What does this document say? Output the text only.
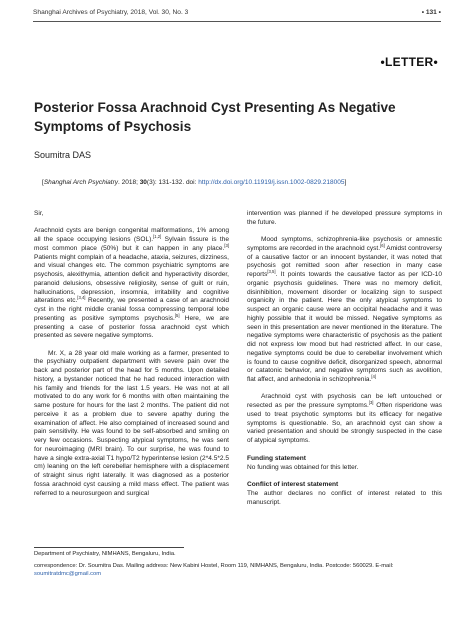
Shanghai Archives of Psychiatry, 2018, Vol. 30, No. 3	• 131 •
•LETTER•
Posterior Fossa Arachnoid Cyst Presenting As Negative Symptoms of Psychosis
Soumitra DAS
[Shanghai Arch Psychiatry. 2018; 30(3): 131-132. doi: http://dx.doi.org/10.11919/j.issn.1002-0829.218005]

Sir,

Arachnoid cysts are benign congenital malformations, 1% among all the space occupying lesions (SOL).[1,2] Sylvain fissure is the most common place (50%) but it can happen in any place.[3] Patients might complain of a headache, ataxia, seizures, dizziness, and visual changes etc. The common psychiatric symptoms are psychosis, alexithymia, attention deficit and hyperactivity disorder, paranoid delusions, obsessive religiosity, sense of guilt or ruin, hallucinations, depression, insomnia, irritability and cognitive alterations etc.[3,4] Recently, we presented a case of an arachnoid cyst in the right middle cranial fossa compressing temporal lobe presenting as positive symptoms psychosis.[5] Here, we are presenting a case of posterior fossa arachnoid cyst which presented as severe negative symptoms.

Mr. X, a 28 year old male working as a farmer, presented to the psychiatry outpatient department with severe pain over the back and posterior part of the head for 5 months. Upon detailed history, a bystander noticed that he had reduced interaction with his family and friends for the last 1.5 years. He was not at all motivated to do any work for 6 months with often maintaining the same posture for hours for the last 2 months. The patient did not perceive it as a problem due to severe apathy during the examination of affect. He also complained of increased sound and pain sensitivity. He was found to be self-absorbed and smiling on very few occasions. Suspecting atypical symptoms, he was sent for neuroimaging (MRI brain). To our surprise, he was found to have a single extra-axial T1 hypo/T2 hyperintense lesion (2*4.5*2.5 cm) leaning on the left cerebellar hemisphere with a displacement of straight sinus right laterally. It was diagnosed as a posterior fossa arachnoid cyst causing a mild mass effect. The patient was referred to a neurosurgeon and surgical

intervention was planned if he developed pressure symptoms in the future.

Mood symptoms, schizophrenia-like psychosis or amnestic symptoms are recorded in the arachnoid cyst.[6] Amidst controversy of a causative factor or an innocent bystander, it was noted that psychosis got remitted soon after resection in many case reports[3,5]. It points towards the causative factor as per ICD-10 organic psychosis guidelines. There was no memory deficit, disinhibition, movement disorder or localizing sign to suspect organicity in the patient. Here the only atypical symptoms to suspect an organic cause were an occipital headache and it was highly possible that it would be missed. Negative symptoms as seen in this presentation are never mentioned in the literature. The negative symptoms were characteristic of psychosis as the patient did not express low mood but had restricted affect. In our case, negative symptoms could be due to cerebellar involvement which is found to cause cognitive deficit, disorganized speech, abnormal or catatonic behavior, and negative symptoms such as avolition, flat affect, and anhedonia in schizophrenia.[4]

Arachnoid cyst with psychosis can be left untouched or resected as per the pressure symptoms.[3] Often risperidone was used to treat psychotic symptoms but its efficacy for negative symptoms is questionable. So, an arachnoid cyst can show a varied presentation and should be strongly suspected in the case of atypical symptoms.

Funding statement

No funding was obtained for this letter.

Conflict of interest statement

The author declares no conflict of interest related to this manuscript.

Department of Psychiatry, NIMHANS, Bengaluru, India.
correspondence: Dr. Soumitra Das. Mailing address: New Kabini Hostel, Room 119, NIMHANS, Bengaluru, India. Postcode: 560029. E-mail: soumitratdmc@gmail.com
